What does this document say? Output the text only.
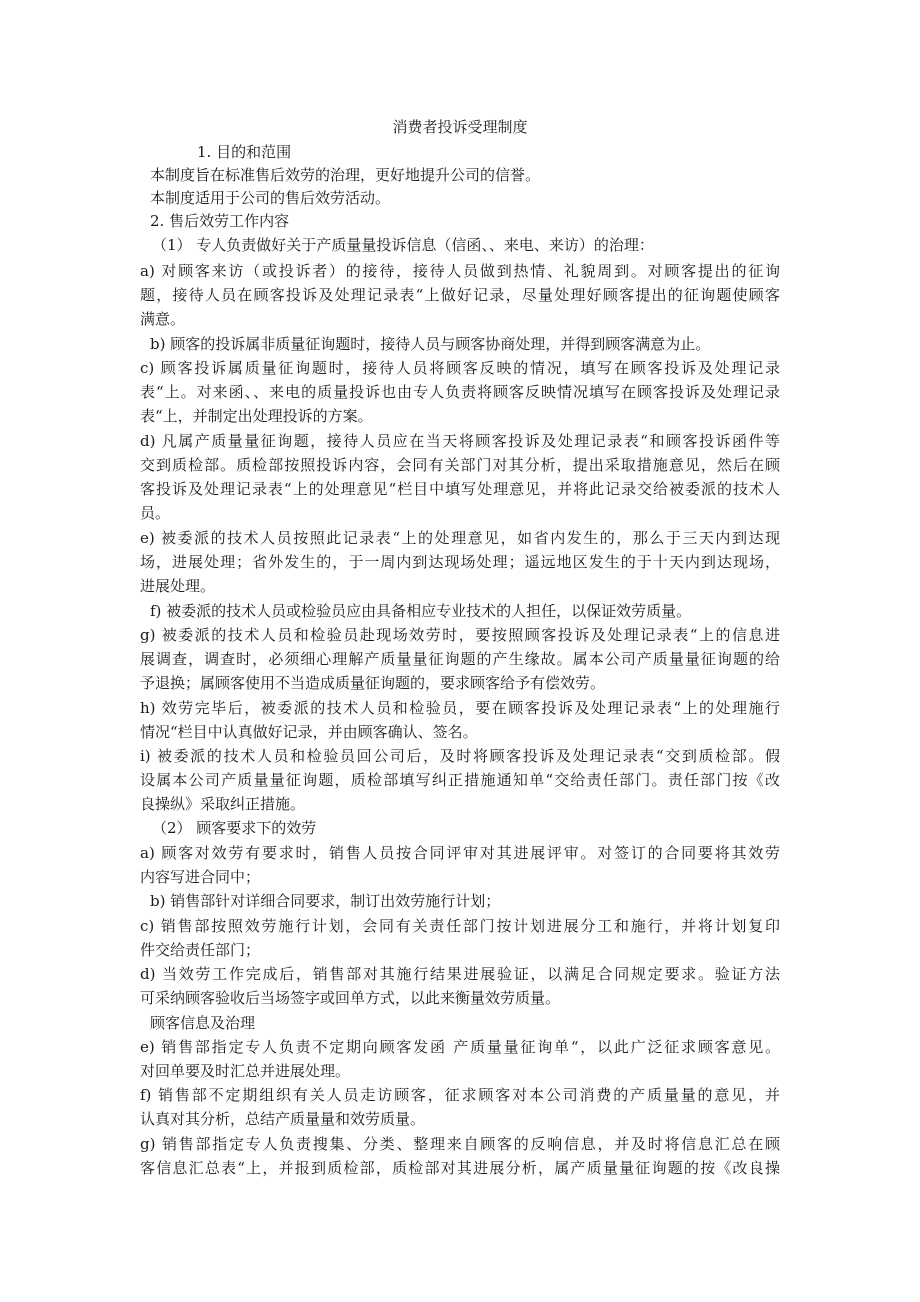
消费者投诉受理制度
1. 目的和范围
本制度旨在标准售后效劳的治理，更好地提升公司的信誉。
本制度适用于公司的售后效劳活动。
2. 售后效劳工作内容
（1） 专人负责做好关于产质量量投诉信息（信函、、来电、来访）的治理：
a) 对顾客来访（或投诉者）的接待，接待人员做到热情、礼貌周到。对顾客提出的征询
题，接待人员在顾客投诉及处理记录表“上做好记录，尽量处理好顾客提出的征询题使顾客
满意。
b) 顾客的投诉属非质量征询题时，接待人员与顾客协商处理，并得到顾客满意为止。
c) 顾客投诉属质量征询题时，接待人员将顾客反映的情况，填写在顾客投诉及处理记录
表“上。对来函、、来电的质量投诉也由专人负责将顾客反映情况填写在顾客投诉及处理记录
表“上，并制定出处理投诉的方案。
d) 凡属产质量量征询题，接待人员应在当天将顾客投诉及处理记录表“和顾客投诉函件等
交到质检部。质检部按照投诉内容，会同有关部门对其分析，提出采取措施意见，然后在顾
客投诉及处理记录表“上的处理意见“栏目中填写处理意见，并将此记录交给被委派的技术人
员。
e) 被委派的技术人员按照此记录表“上的处理意见，如省内发生的，那么于三天内到达现
场，进展处理；省外发生的，于一周内到达现场处理；遥远地区发生的于十天内到达现场，
进展处理。
f) 被委派的技术人员或检验员应由具备相应专业技术的人担任，以保证效劳质量。
g) 被委派的技术人员和检验员赴现场效劳时，要按照顾客投诉及处理记录表“上的信息进
展调查，调查时，必须细心理解产质量量征询题的产生缘故。属本公司产质量量征询题的给
予退换；属顾客使用不当造成质量征询题的，要求顾客给予有偿效劳。
h) 效劳完毕后，被委派的技术人员和检验员，要在顾客投诉及处理记录表“上的处理施行
情况“栏目中认真做好记录，并由顾客确认、签名。
i) 被委派的技术人员和检验员回公司后，及时将顾客投诉及处理记录表“交到质检部。假
设属本公司产质量量征询题，质检部填写纠正措施通知单“交给责任部门。责任部门按《改
良操纵》采取纠正措施。
（2） 顾客要求下的效劳
a) 顾客对效劳有要求时，销售人员按合同评审对其进展评审。对签订的合同要将其效劳
内容写进合同中；
b) 销售部针对详细合同要求，制订出效劳施行计划；
c) 销售部按照效劳施行计划，会同有关责任部门按计划进展分工和施行，并将计划复印
件交给责任部门；
d) 当效劳工作完成后，销售部对其施行结果进展验证，以满足合同规定要求。验证方法
可采纳顾客验收后当场签字或回单方式，以此来衡量效劳质量。
顾客信息及治理
e) 销售部指定专人负责不定期向顾客发函 产质量量征询单“，以此广泛征求顾客意见。
对回单要及时汇总并进展处理。
f) 销售部不定期组织有关人员走访顾客，征求顾客对本公司消费的产质量量的意见，并
认真对其分析，总结产质量量和效劳质量。
g) 销售部指定专人负责搜集、分类、整理来自顾客的反响信息，并及时将信息汇总在顾
客信息汇总表“上，并报到质检部，质检部对其进展分析，属产质量量征询题的按《改良操
